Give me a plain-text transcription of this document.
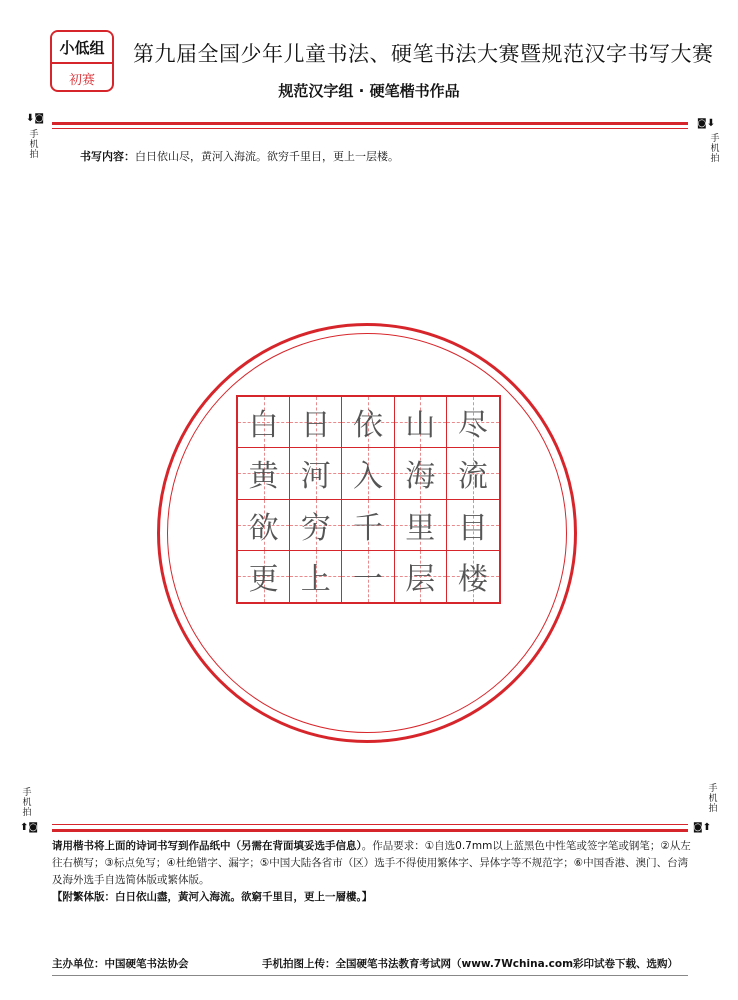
小低组
初赛
第九届全国少年儿童书法、硬笔书法大赛暨规范汉字书写大赛
规范汉字组 · 硬笔楷书作品
⬇◙	◙⬇
手机拍
手机拍
书写内容：白日依山尽，黄河入海流。欲穷千里目，更上一层楼。
白 日 依 山 尽
黄 河 入 海 流
欲 穷 千 里 目
更 上 一 层 楼
手机拍
手机拍
⬆◙	◙⬆
请用楷书将上面的诗词书写到作品纸中（另需在背面填妥选手信息）。作品要求：①自选0.7mm以上蓝黑色中性笔或签字笔或钢笔；②从左往右横写；③标点免写；④杜绝错字、漏字；⑤中国大陆各省市（区）选手不得使用繁体字、异体字等不规范字；⑥中国香港、澳门、台湾及海外选手自选简体版或繁体版。
【附繁体版：白日依山盡，黃河入海流。欲窮千里目，更上一層樓。】
主办单位：中国硬笔书法协会	手机拍图上传：全国硬笔书法教育考试网（www.7Wchina.com彩印试卷下载、选购）
